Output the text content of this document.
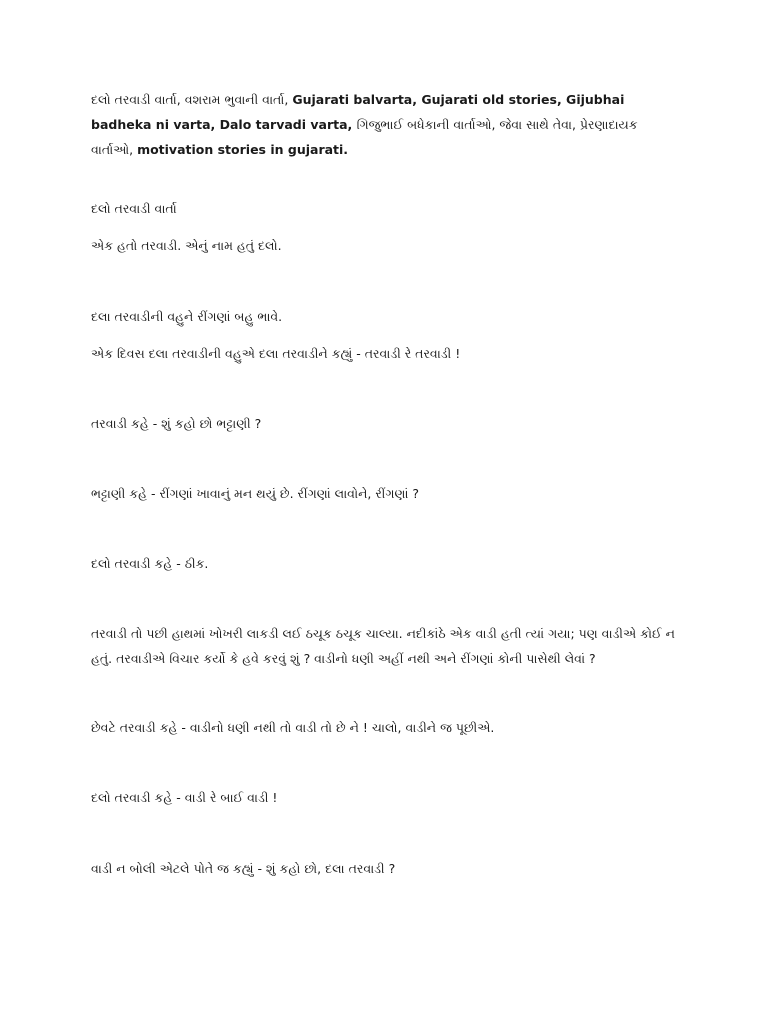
દલો તરવાડી વાર્તા, વશરામ ભુવાની વાર્તા, Gujarati balvarta, Gujarati old stories, Gijubhai badheka ni varta, Dalo tarvadi varta, ગિજુભાઈ બધેકાની વાર્તાઓ, જેવા સાથે તેવા, પ્રેરણાદાયક વાર્તાઓ, motivation stories in gujarati.

દલો તરવાડી વાર્તા

એક હતો તરવાડી. એનું નામ હતું દલો.

દલા તરવાડીની વહુને રીંગણાં બહુ ભાવે.

એક દિવસ દલા તરવાડીની વહુએ દલા તરવાડીને કહ્યું - તરવાડી રે તરવાડી !

તરવાડી કહે - શું કહો છો ભટ્ટાણી ?

ભટ્ટાણી કહે - રીંગણાં ખાવાનું મન થયું છે. રીંગણાં લાવોને, રીંગણાં ?

દલો તરવાડી કહે - ઠીક.

તરવાડી તો પછી હાથમાં ખોખરી લાકડી લઈ ઠચૂક ઠચૂક ચાલ્યા. નદીકાંઠે એક વાડી હતી ત્યાં ગયા; પણ વાડીએ કોઈ ન હતું. તરવાડીએ વિચાર કર્યો કે હવે કરવું શું ? વાડીનો ધણી અહીં નથી અને રીંગણાં કોની પાસેથી લેવાં ?

છેવટે તરવાડી કહે - વાડીનો ધણી નથી તો વાડી તો છે ને ! ચાલો, વાડીને જ પૂછીએ.

દલો તરવાડી કહે - વાડી રે બાઈ વાડી !

વાડી ન બોલી એટલે પોતે જ કહ્યું - શું કહો છો, દલા તરવાડી ?
